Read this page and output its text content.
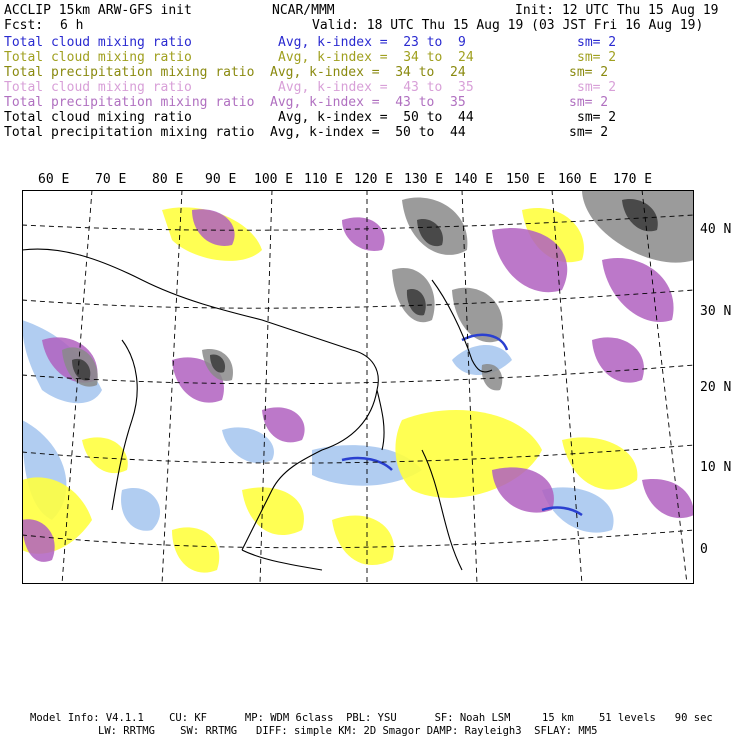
ACCLIP 15km ARW-GFS init	NCAR/MMM	Init: 12 UTC Thu 15 Aug 19
Fcst: 6 h	Valid: 18 UTC Thu 15 Aug 19 (03 JST Fri 16 Aug 19)
Total cloud mixing ratio	Avg, k-index =  23 to  9	sm= 2
Total cloud mixing ratio	Avg, k-index =  34 to  24	sm= 2
Total precipitation mixing ratio Avg, k-index =  34 to  24	sm= 2
Total cloud mixing ratio	Avg, k-index =  43 to  35	sm= 2
Total precipitation mixing ratio Avg, k-index =  43 to  35	sm= 2
Total cloud mixing ratio	Avg, k-index =  50 to  44	sm= 2
Total precipitation mixing ratio Avg, k-index =  50 to  44	sm= 2
60 E 70 E 80 E 90 E 100 E 110 E 120 E 130 E 140 E 150 E 160 E 170 E
40 N
30 N
20 N
10 N
0
Model Info: V4.1.1    CU: KF      MP: WDM 6class  PBL: YSU      SF: Noah LSM     15 km    51 levels   90 sec
LW: RRTMG    SW: RRTMG   DIFF: simple KM: 2D Smagor DAMP: Rayleigh3  SFLAY: MM5
